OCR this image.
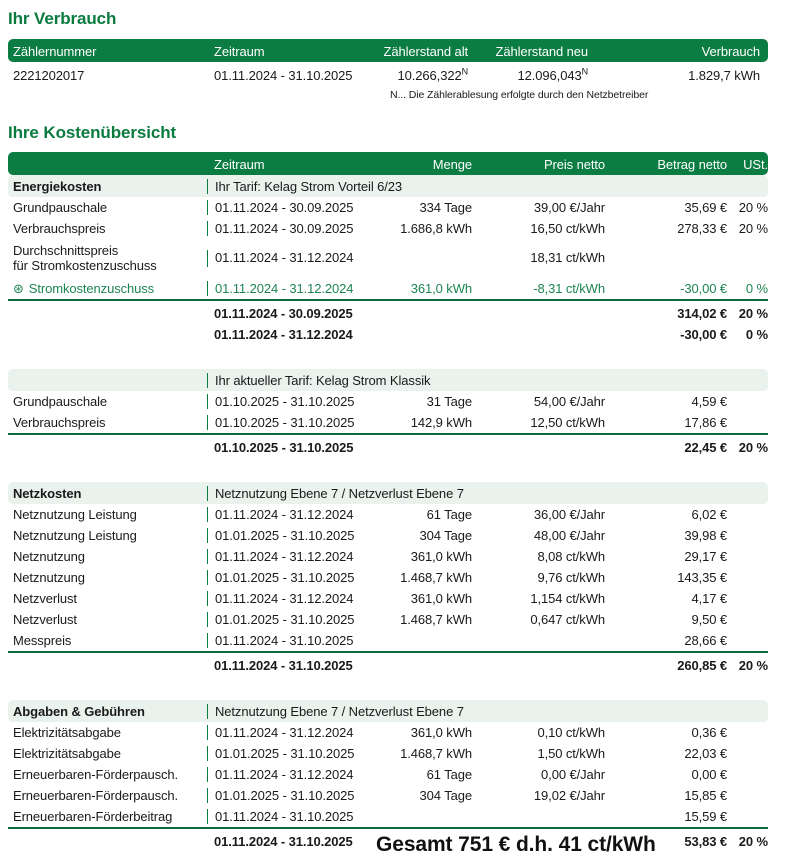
Ihr Verbrauch
Zählernummer	Zeitraum	Zählerstand alt	Zählerstand neu	Verbrauch
2221202017	01.11.2024 - 31.10.2025	10.266,322$^N$	12.096,043$^N$	1.829,7 kWh
N... Die Zählerablesung erfolgte durch den Netzbetreiber
Ihre Kostenübersicht
Zeitraum	Menge	Preis netto	Betrag netto	USt.
Energiekosten	Ihr Tarif: Kelag Strom Vorteil 6/23
Grundpauschale	01.11.2024 - 30.09.2025	334 Tage	39,00 €/Jahr	35,69 € 20 %
Verbrauchspreis	01.11.2024 - 30.09.2025	1.686,8 kWh	16,50 ct/kWh	278,33 € 20 %
Durchschnittspreis
für Stromkostenzuschuss	01.11.2024 - 31.12.2024	18,31 ct/kWh
⊛ Stromkostenzuschuss	01.11.2024 - 31.12.2024	361,0 kWh	-8,31 ct/kWh	-30,00 €	0 %
01.11.2024 - 30.09.2025	314,02 € 20 %
01.11.2024 - 31.12.2024	-30,00 €	0 %
Ihr aktueller Tarif: Kelag Strom Klassik
Grundpauschale	01.10.2025 - 31.10.2025	31 Tage	54,00 €/Jahr	4,59 €
Verbrauchspreis	01.10.2025 - 31.10.2025	142,9 kWh	12,50 ct/kWh	17,86 €
01.10.2025 - 31.10.2025	22,45 € 20 %
Netzkosten	Netznutzung Ebene 7 / Netzverlust Ebene 7
Netznutzung Leistung	01.11.2024 - 31.12.2024	61 Tage	36,00 €/Jahr	6,02 €
Netznutzung Leistung	01.01.2025 - 31.10.2025	304 Tage	48,00 €/Jahr	39,98 €
Netznutzung	01.11.2024 - 31.12.2024	361,0 kWh	8,08 ct/kWh	29,17 €
Netznutzung	01.01.2025 - 31.10.2025	1.468,7 kWh	9,76 ct/kWh	143,35 €
Netzverlust	01.11.2024 - 31.12.2024	361,0 kWh	1,154 ct/kWh	4,17 €
Netzverlust	01.01.2025 - 31.10.2025	1.468,7 kWh	0,647 ct/kWh	9,50 €
Messpreis	01.11.2024 - 31.10.2025	28,66 €
01.11.2024 - 31.10.2025	260,85 € 20 %
Abgaben & Gebühren	Netznutzung Ebene 7 / Netzverlust Ebene 7
Elektrizitätsabgabe	01.11.2024 - 31.12.2024	361,0 kWh	0,10 ct/kWh	0,36 €
Elektrizitätsabgabe	01.01.2025 - 31.10.2025	1.468,7 kWh	1,50 ct/kWh	22,03 €
Erneuerbaren-Förderpausch.	01.11.2024 - 31.12.2024	61 Tage	0,00 €/Jahr	0,00 €
Erneuerbaren-Förderpausch.	01.01.2025 - 31.10.2025	304 Tage	19,02 €/Jahr	15,85 €
Erneuerbaren-Förderbeitrag	01.11.2024 - 31.10.2025	15,59 €
01.11.2024 - 31.10.2025	53,83 € 20 %
Gesamt 751 € d.h. 41 ct/kWh
